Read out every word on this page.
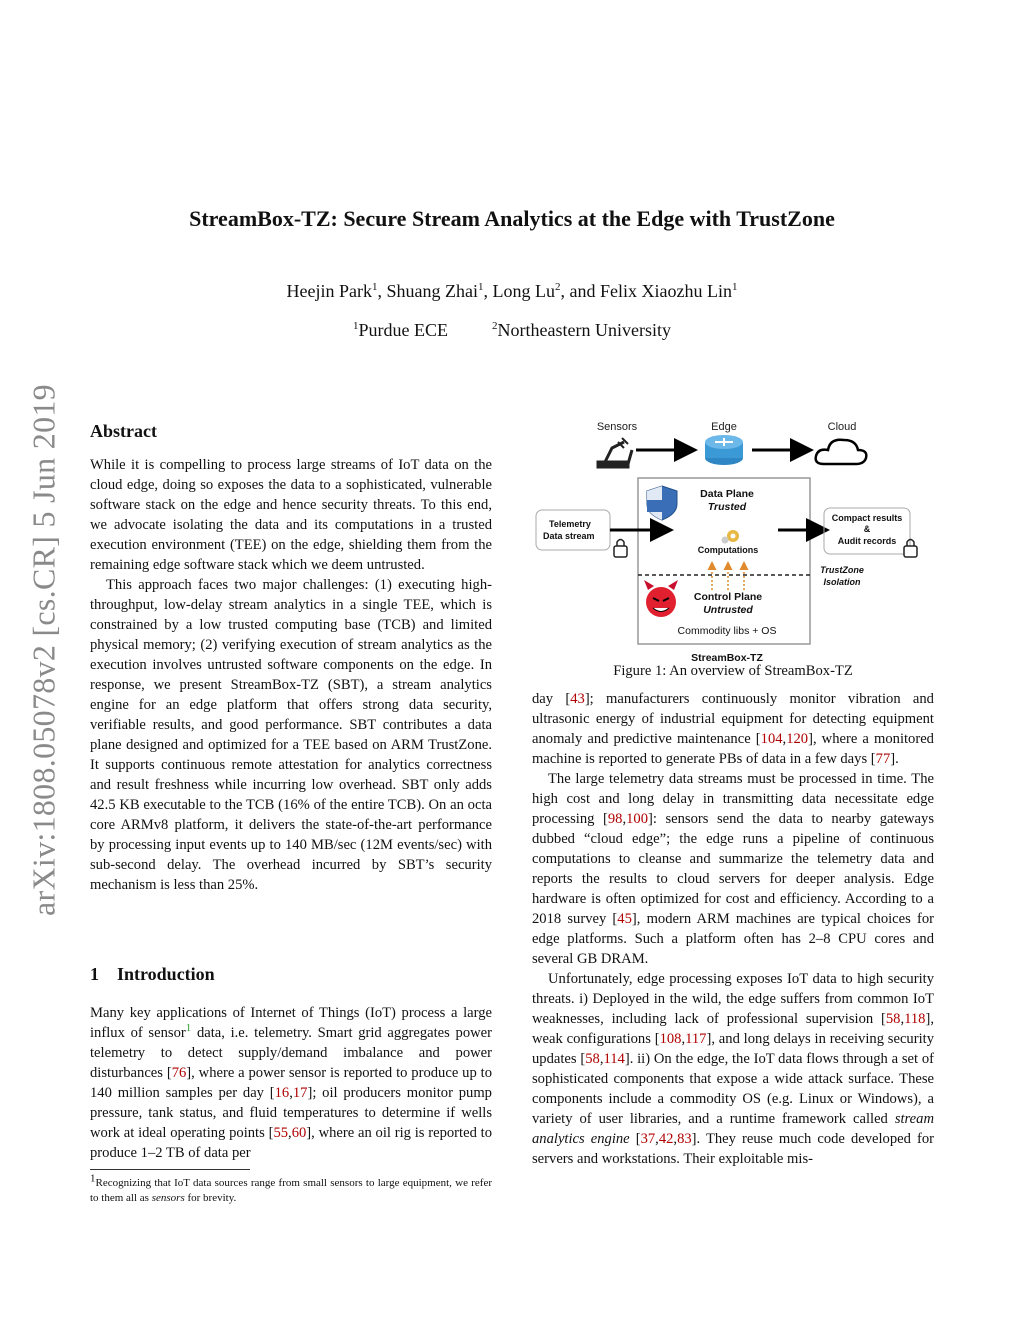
arXiv:1808.05078v2 [cs.CR] 5 Jun 2019
StreamBox-TZ: Secure Stream Analytics at the Edge with TrustZone
Heejin Park$^1$, Shuang Zhai$^1$, Long Lu$^2$, and Felix Xiaozhu Lin$^1$
$^1$Purdue ECE	$^2$Northeastern University
Abstract

While it is compelling to process large streams of IoT data on the cloud edge, doing so exposes the data to a sophisticated, vulnerable software stack on the edge and hence security threats. To this end, we advocate isolating the data and its computations in a trusted execution environment (TEE) on the edge, shielding them from the remaining edge software stack which we deem untrusted.

This approach faces two major challenges: (1) executing high-throughput, low-delay stream analytics in a single TEE, which is constrained by a low trusted computing base (TCB) and limited physical memory; (2) verifying execution of stream analytics as the execution involves untrusted software components on the edge. In response, we present StreamBox-TZ (SBT), a stream analytics engine for an edge platform that offers strong data security, verifiable results, and good performance. SBT contributes a data plane designed and optimized for a TEE based on ARM TrustZone. It supports continuous remote attestation for analytics correctness and result freshness while incurring low overhead. SBT only adds 42.5 KB executable to the TCB (16% of the entire TCB). On an octa core ARMv8 platform, it delivers the state-of-the-art performance by processing input events up to 140 MB/sec (12M events/sec) with sub-second delay. The overhead incurred by SBT’s security mechanism is less than 25%.

1 Introduction

Many key applications of Internet of Things (IoT) process a large influx of sensor$^1$ data, i.e. telemetry. Smart grid aggregates power telemetry to detect supply/demand imbalance and power disturbances [76], where a power sensor is reported to produce up to 140 million samples per day [16,17]; oil producers monitor pump pressure, tank status, and fluid temperatures to determine if wells work at ideal operating points [55,60], where an oil rig is reported to produce 1–2 TB of data per

$^1$Recognizing that IoT data sources range from small sensors to large equipment, we refer to them all as sensors for brevity.
Sensors	Edge	Cloud
Data Plane
Trusted
Computations
Telemetry
Data stream
Compact results
&
Audit records
TrustZone
Isolation
Control Plane
Untrusted
Commodity libs + OS
StreamBox-TZ
Figure 1: An overview of StreamBox-TZ

day [43]; manufacturers continuously monitor vibration and ultrasonic energy of industrial equipment for detecting equipment anomaly and predictive maintenance [104,120], where a monitored machine is reported to generate PBs of data in a few days [77].

The large telemetry data streams must be processed in time. The high cost and long delay in transmitting data necessitate edge processing [98,100]: sensors send the data to nearby gateways dubbed “cloud edge”; the edge runs a pipeline of continuous computations to cleanse and summarize the telemetry data and reports the results to cloud servers for deeper analysis. Edge hardware is often optimized for cost and efficiency. According to a 2018 survey [45], modern ARM machines are typical choices for edge platforms. Such a platform often has 2–8 CPU cores and several GB DRAM.

Unfortunately, edge processing exposes IoT data to high security threats. i) Deployed in the wild, the edge suffers from common IoT weaknesses, including lack of professional supervision [58,118], weak configurations [108,117], and long delays in receiving security updates [58,114]. ii) On the edge, the IoT data flows through a set of sophisticated components that expose a wide attack surface. These components include a commodity OS (e.g. Linux or Windows), a variety of user libraries, and a runtime framework called stream analytics engine [37,42,83]. They reuse much code developed for servers and workstations. Their exploitable mis-
